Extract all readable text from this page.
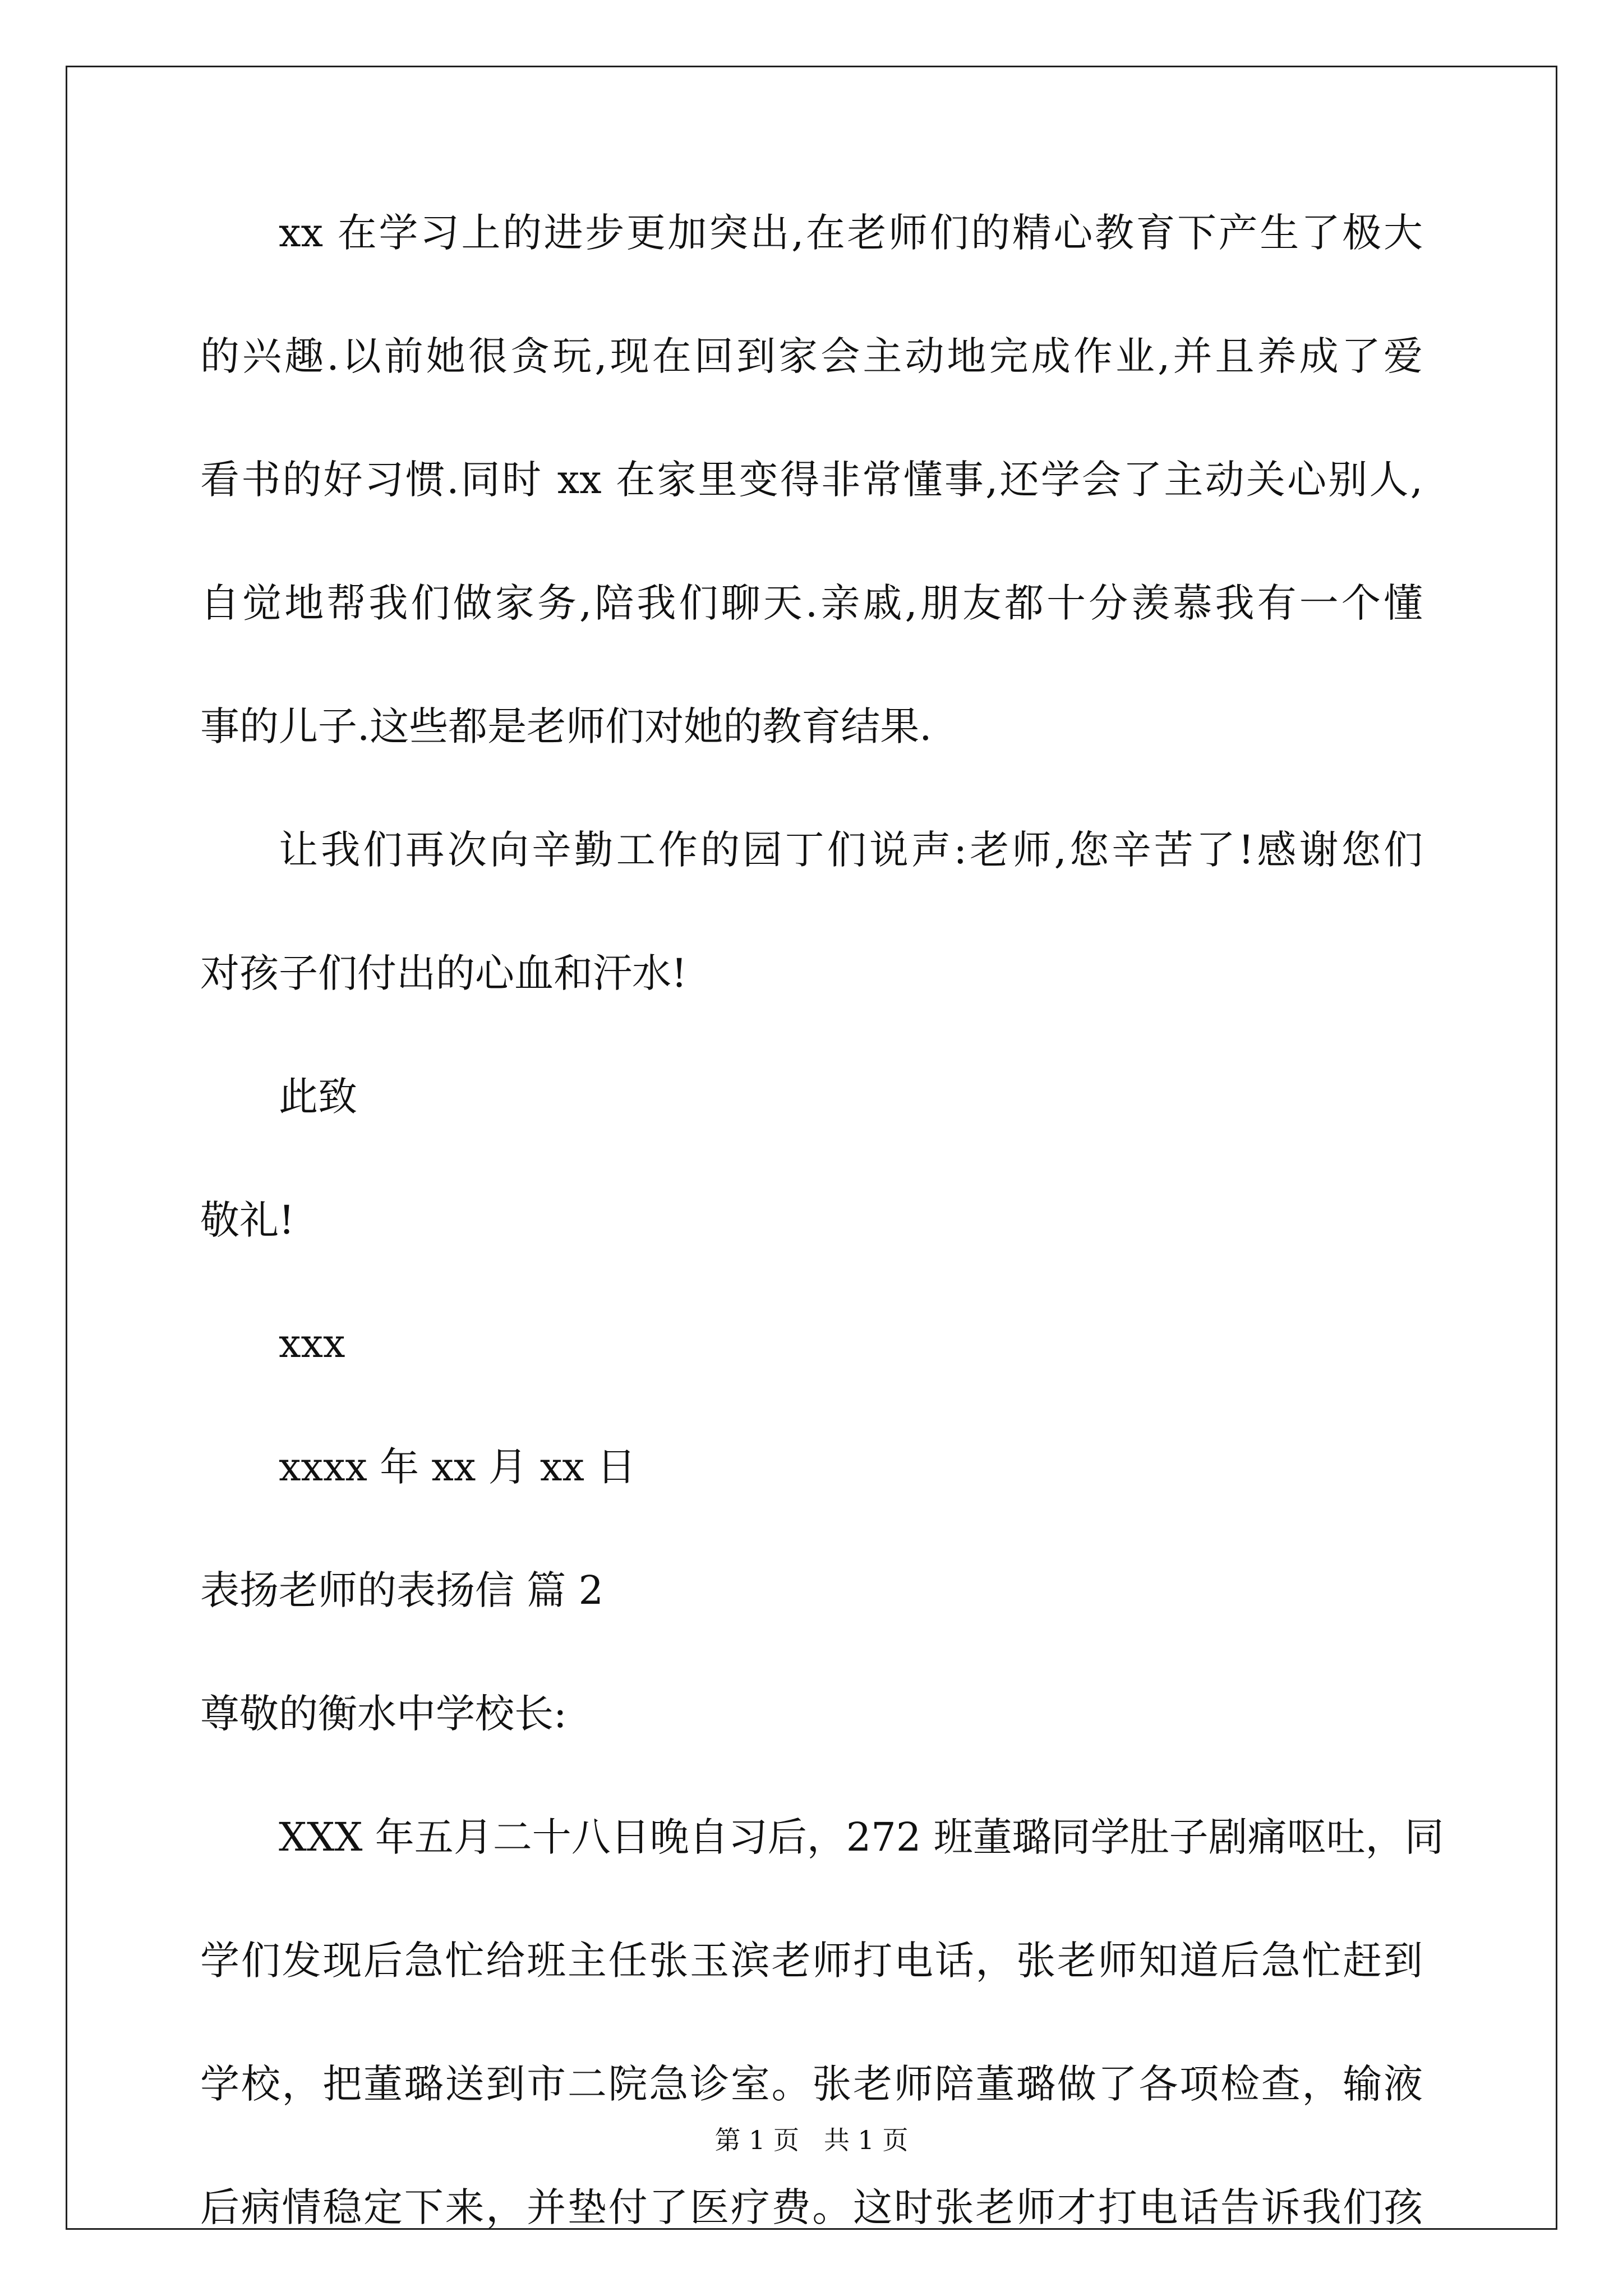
xx 在学习上的进步更加突出,在老师们的精心教育下产生了极大
的兴趣.以前她很贪玩,现在回到家会主动地完成作业,并且养成了爱
看书的好习惯.同时 xx 在家里变得非常懂事,还学会了主动关心别人,
自觉地帮我们做家务,陪我们聊天.亲戚,朋友都十分羡慕我有一个懂
事的儿子.这些都是老师们对她的教育结果.
让我们再次向辛勤工作的园丁们说声:老师,您辛苦了!感谢您们
对孩子们付出的心血和汗水!
此致
敬礼!
xxx
xxxx 年 xx 月 xx 日
表扬老师的表扬信 篇 2
尊敬的衡水中学校长:
XXX 年五月二十八日晚自习后，272 班董璐同学肚子剧痛呕吐，同
学们发现后急忙给班主任张玉滨老师打电话，张老师知道后急忙赶到
学校，把董璐送到市二院急诊室。张老师陪董璐做了各项检查，输液
后病情稳定下来，并垫付了医疗费。这时张老师才打电话告诉我们孩
第 1 页 共 1 页
